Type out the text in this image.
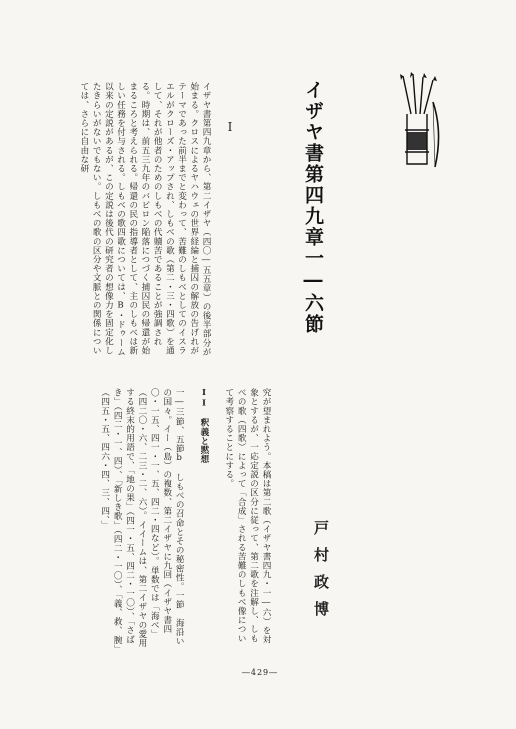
イザヤ書第四九章一―六節
I
イザヤ書第四九章から、第二イザヤ（四〇―五五章）の後半部分が始まる。クロスによるヤハウェの世界経綸と捕囚の解放の告げれがテーマであった前半までと変わって、苦難のしもべとしてのイスラエルがクローズ・アップされ、しもべの歌（第二・三・四歌）を通して、それが他者のためのしもべの代贖苦であることが強調される。時期は、前五三九年のバビロン陥落につづく捕囚民の帰還が始まるころと考えられる。帰還の民の指導者として、主のしもべは新しい任務を付与される。しもべの歌四歌については、B・ドゥーム以来の定説があるが、この定説は後代の研究者の想像力を固定化したきらいがないでもない。しもべの歌の区分や文脈との関係については、さらに自由な研
究が望まれよう。本稿は第二歌（イザヤ書四九・一―六）を対象とするが、一応定説の区分に従って、第二歌を注解し、しもべの歌（四歌）によって「合成」される苦難のしもべ像について考察することにする。

II　釈義と黙想

一―三節、五節b　しもべの召命とその秘密性。一節　海沿いの国々。イー（島）の複数、第二イザヤに九回（イザヤ書四〇・一五、四一・一、五、四二・四など）。単数では「海べ」（四二〇・六、二三・二、六）。イイームは、第二イザヤの愛用する終末的用語で、「地の果」（四一・五、四二・一〇）、「さばき」（四二・一、四）、「新しき歌」（四二・一〇）、「義、救、腕」（四五・五、四六・四、三、四、」
戸村政博
―429―
